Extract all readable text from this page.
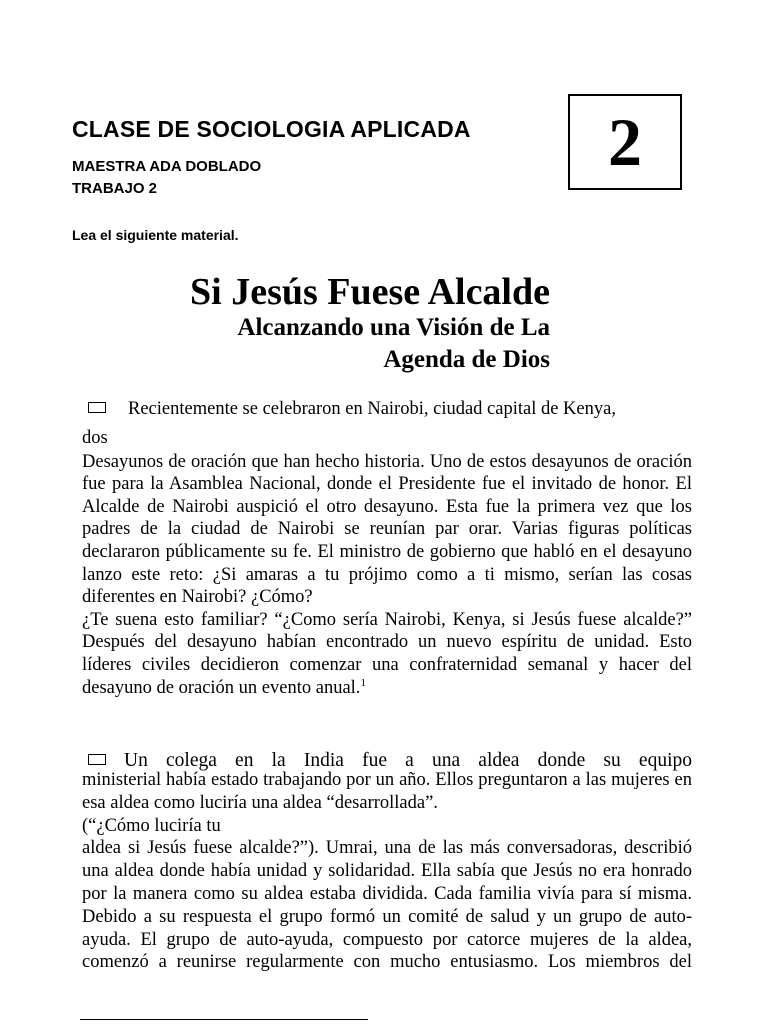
CLASE DE SOCIOLOGIA APLICADA
MAESTRA ADA DOBLADO
TRABAJO 2
2
Lea el siguiente material.
Si Jesús Fuese Alcalde
Alcanzando una Visión de La
Agenda de Dios
Recientemente se celebraron en Nairobi, ciudad capital de Kenya,
dos
Desayunos de oración que han hecho historia. Uno de estos desayunos de oración fue para la Asamblea Nacional, donde el Presidente fue el invitado de honor. El Alcalde de Nairobi auspició el otro desayuno. Esta fue la primera vez que los padres de la ciudad de Nairobi se reunían par orar. Varias figuras políticas declararon públicamente su fe. El ministro de gobierno que habló en el desayuno lanzo este reto: ¿Si amaras a tu prójimo como a ti mismo, serían las cosas diferentes en Nairobi? ¿Cómo?
¿Te suena esto familiar? “¿Como sería Nairobi, Kenya, si Jesús fuese alcalde?” Después del desayuno habían encontrado un nuevo espíritu de unidad. Esto líderes civiles decidieron comenzar una confraternidad semanal y hacer del desayuno de oración un evento anual.$^1$
Un colega en la India fue a una aldea donde su equipo
ministerial había estado trabajando por un año. Ellos preguntaron a las mujeres en esa aldea como luciría una aldea “desarrollada”.
(“¿Cómo luciría tu
aldea si Jesús fuese alcalde?”). Umrai, una de las más conversadoras, describió una aldea donde había unidad y solidaridad. Ella sabía que Jesús no era honrado por la manera como su aldea estaba dividida. Cada familia vivía para sí misma. Debido a su respuesta el grupo formó un comité de salud y un grupo de auto-ayuda. El grupo de auto-ayuda, compuesto por catorce mujeres de la aldea, comenzó a reunirse regularmente con mucho entusiasmo. Los miembros del
